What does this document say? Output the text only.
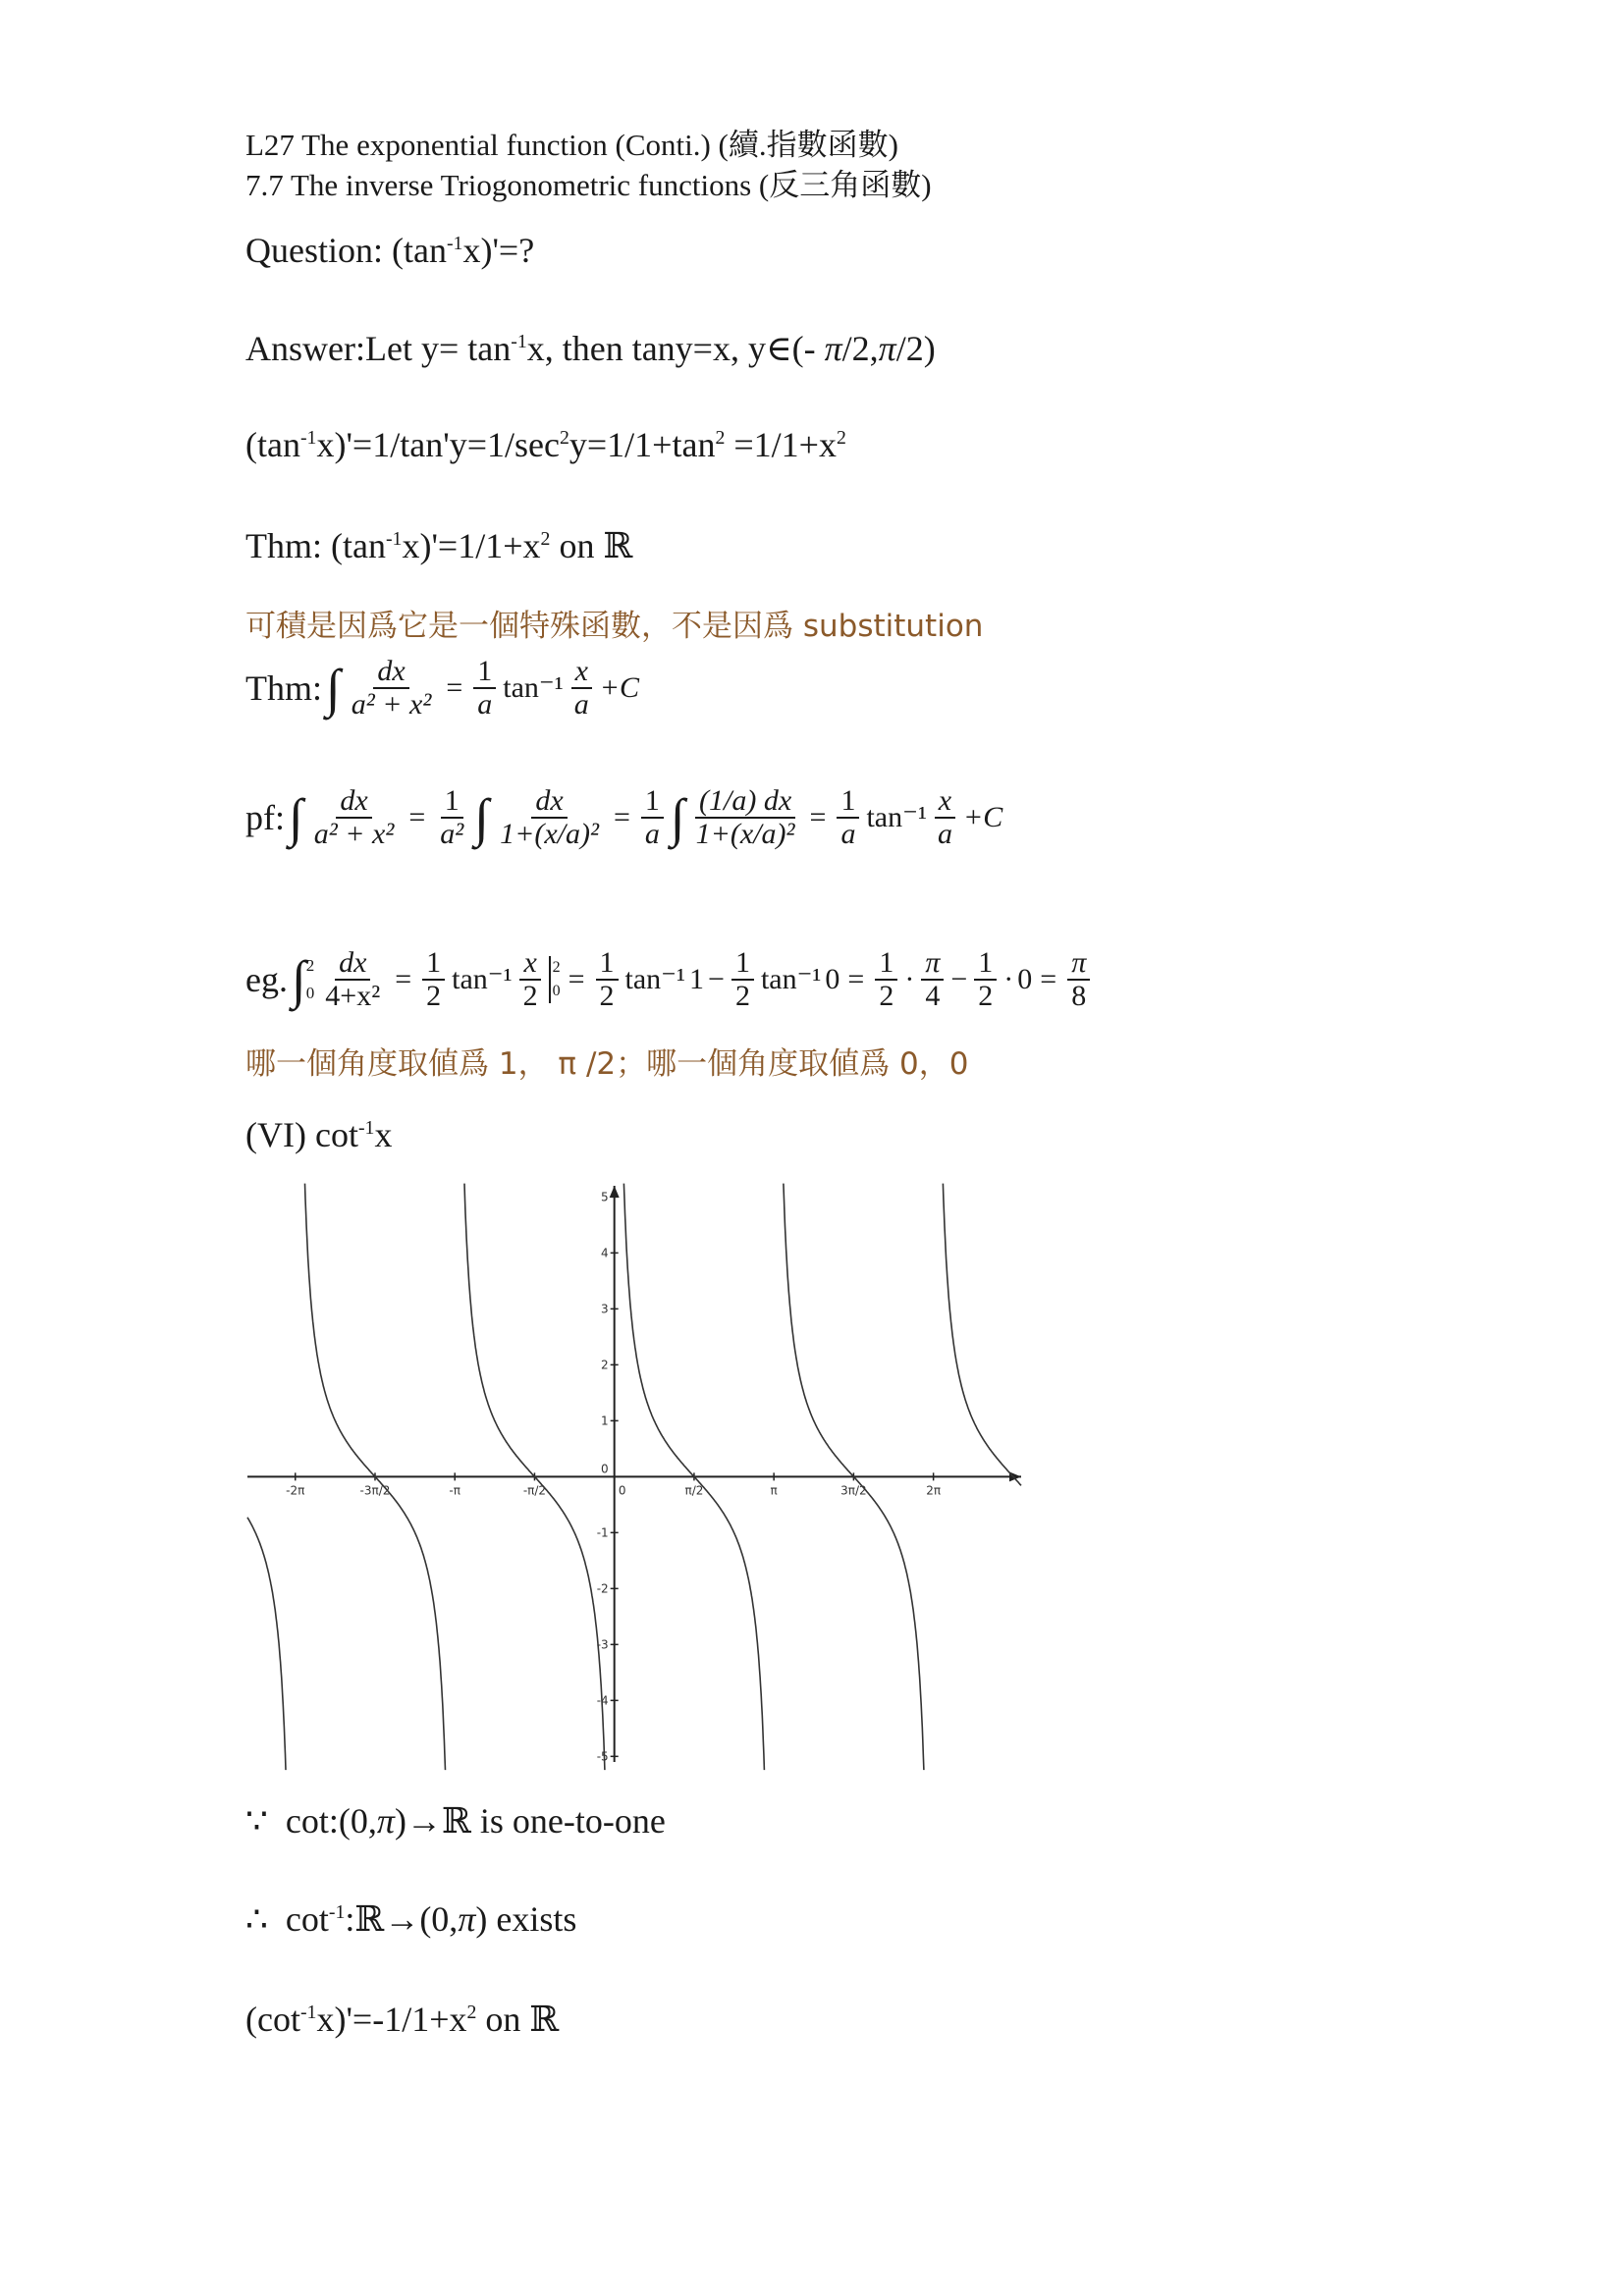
L27 The exponential function (Conti.) (續.指數函數)
7.7 The inverse Triogonometric functions (反三角函數)
Question: $(\tan^{-1}x)'=$?
Answer:Let $y= \tan^{-1}x$, then tany=x, y∈(- π/2,π/2)
$(\tan^{-1}x)'=1/\tan'y=1/\sec^2y=1/1+\tan^2 =1/1+x^2$
Thm: $(\tan^{-1}x)'=1/1+x^2$ on ℝ
可積是因爲它是一個特殊函數，不是因爲 substitution
Thm: ∫ $\frac{dx}{\text{a² + x²}} = \frac{1}{a} \tan^{-1} \frac{x}{a} +C$
pf: ∫ $\frac{dx}{\text{a² + x²}} = \frac{1}{\text{a²}}$ ∫ $\frac{dx}{\text{1+(x/a)²}} = \frac{1}{a}$ ∫ $\frac{(1/a) dx}{\text{1+(x/a)²}} = \frac{1}{a} \tan^{-1} \frac{x}{a} +C$
eg. ∫ 2
$0 \frac{dx}{\text{4+x²}} = \frac{1}{2} \tan^{-1} \frac{x}{2} 2$
$0 = \frac{1}{2} \tan^{-1}$ $1 - \frac{1}{2} \tan^{-1}$ $0 = \frac{1}{2} \cdot \frac{\pi}{4} - \frac{1}{2} \cdot 0 = \frac{\pi}{8}$
哪一個角度取値爲 1， π /2；哪一個角度取値爲 0，0
(VI) $\cot^{-1}x$
-2π	-3π/2	-π	-π/2	0	π/2	π	3π/2	2π
-5
-4
-3
-2
-1
1
2
3
4
5
0
∵ cot:(0,π)→ℝ is one-to-one
∴ $\cot^{-1}:ℝ\to(0,\pi)$ exists
$(\cot^{-1}x)'=-1/1+x^2$ on ℝ
